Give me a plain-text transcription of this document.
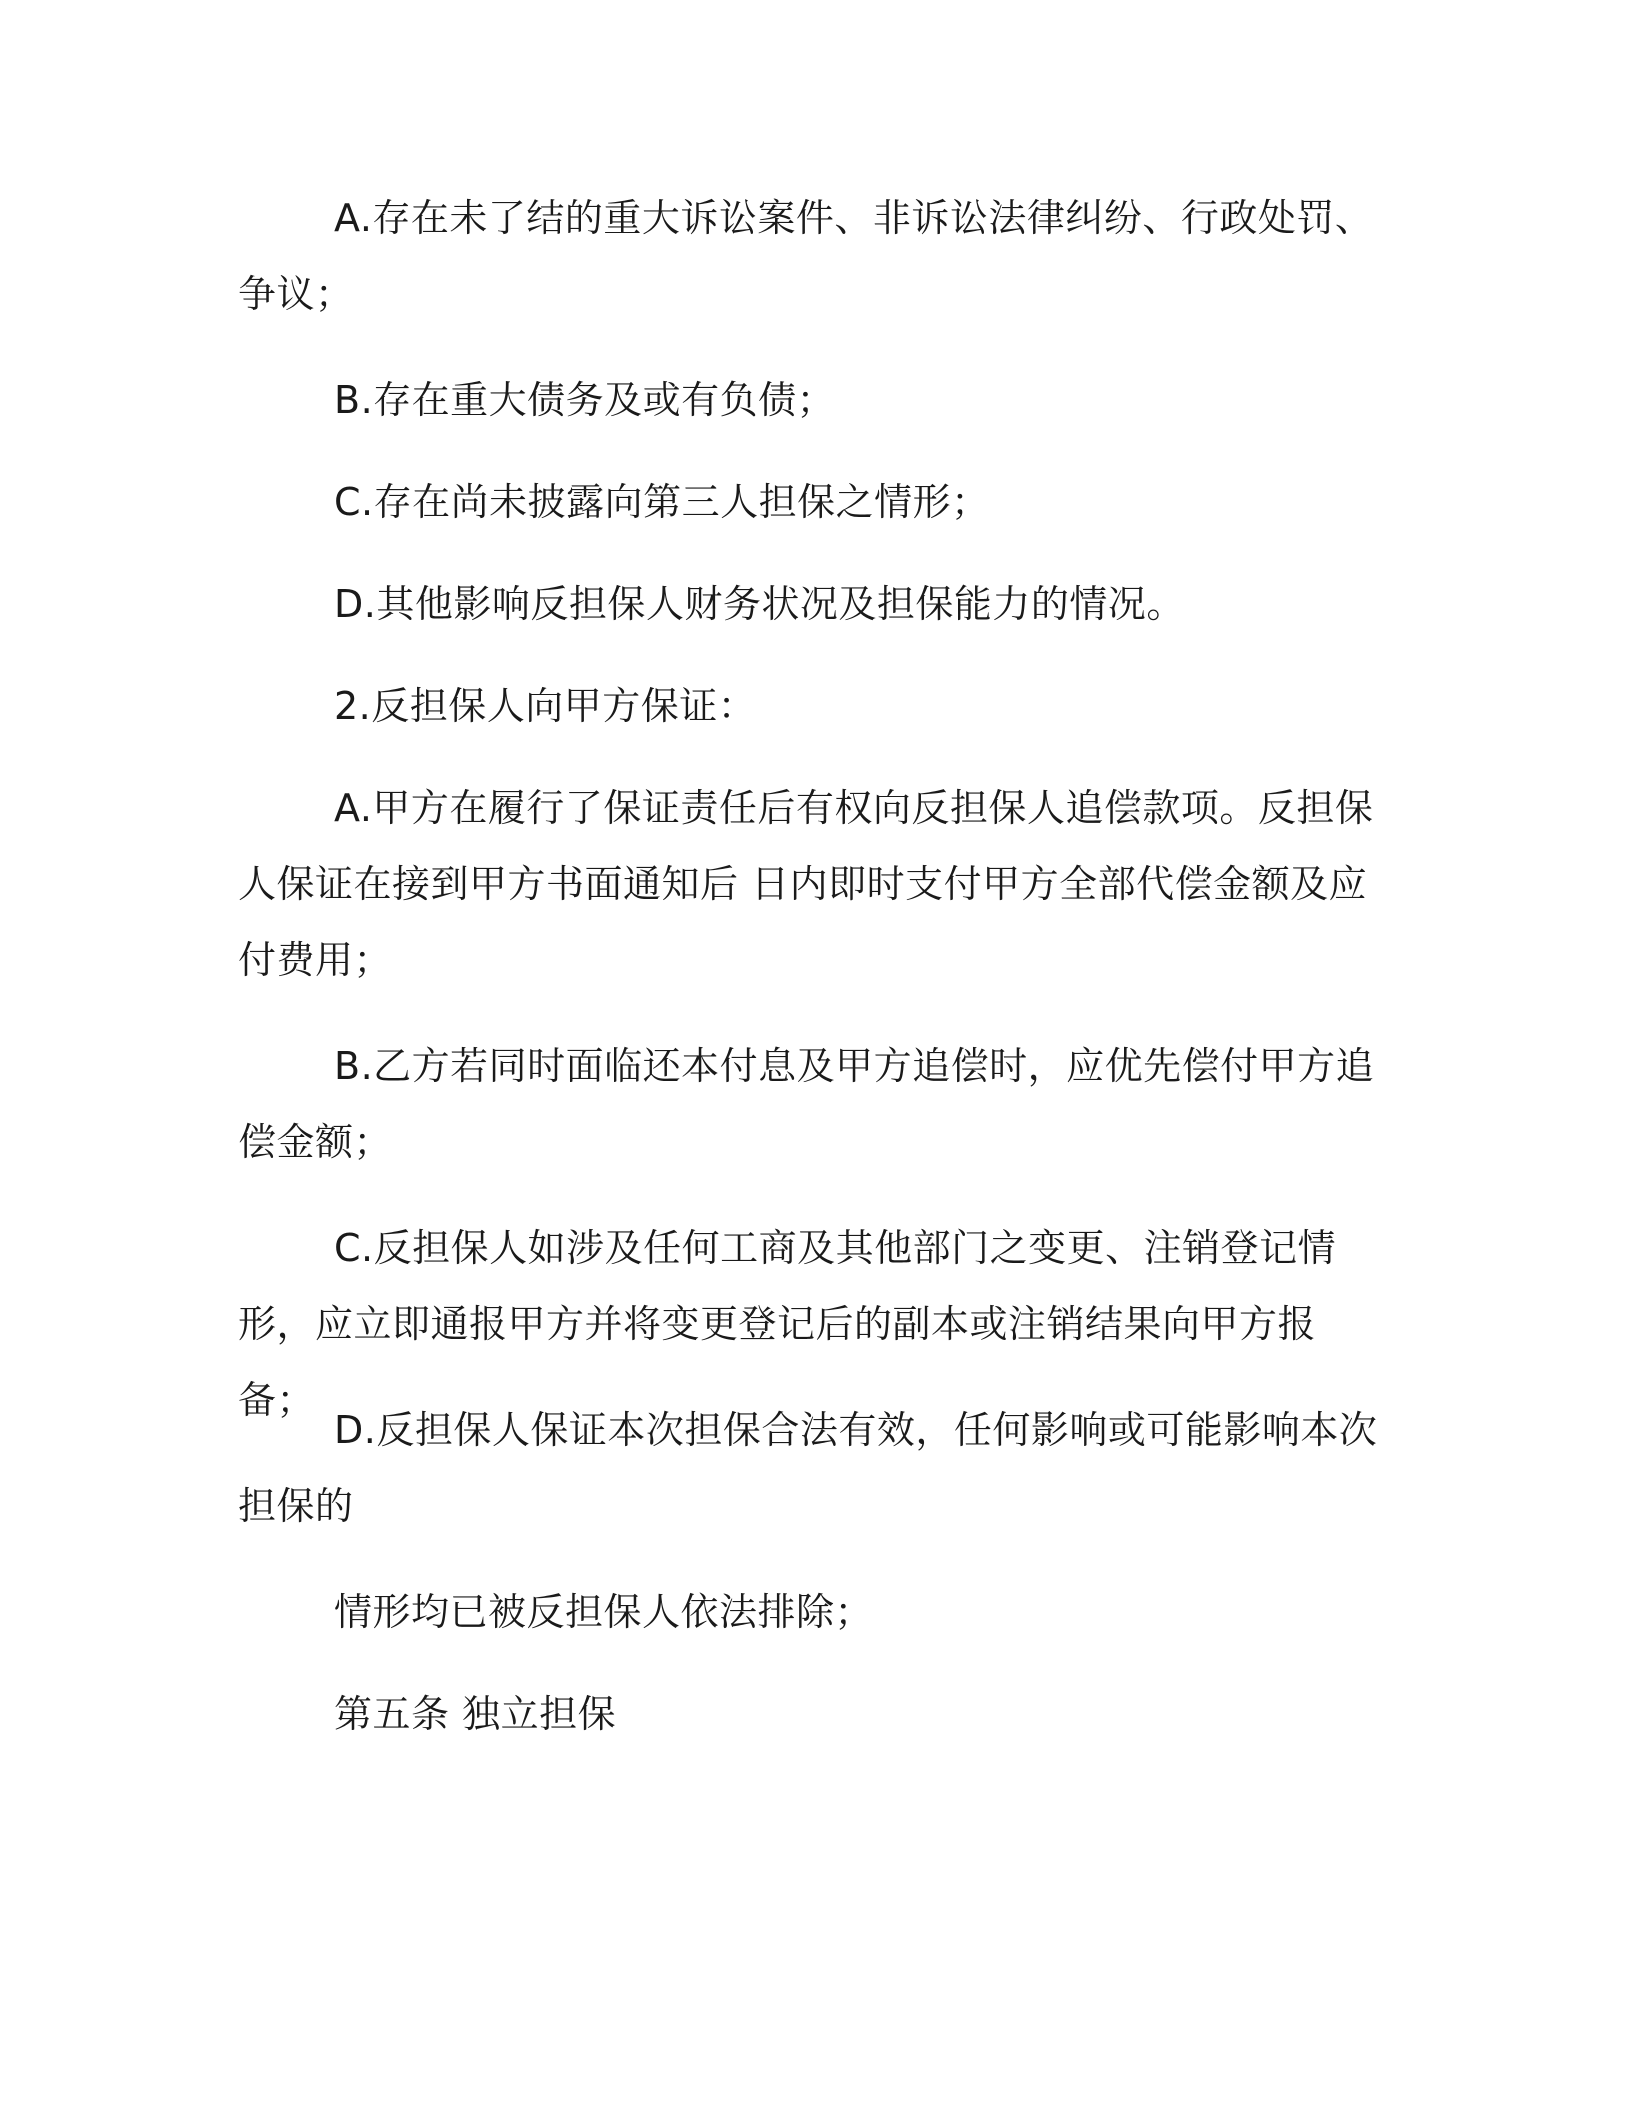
A.存在未了结的重大诉讼案件、非诉讼法律纠纷、行政处罚、争议；

B.存在重大债务及或有负债；

C.存在尚未披露向第三人担保之情形；

D.其他影响反担保人财务状况及担保能力的情况。

2.反担保人向甲方保证：

A.甲方在履行了保证责任后有权向反担保人追偿款项。反担保人保证在接到甲方书面通知后 日内即时支付甲方全部代偿金额及应付费用；

B.乙方若同时面临还本付息及甲方追偿时，应优先偿付甲方追偿金额；

C.反担保人如涉及任何工商及其他部门之变更、注销登记情形，应立即通报甲方并将变更登记后的副本或注销结果向甲方报备；

D.反担保人保证本次担保合法有效，任何影响或可能影响本次担保的

情形均已被反担保人依法排除；

第五条 独立担保
